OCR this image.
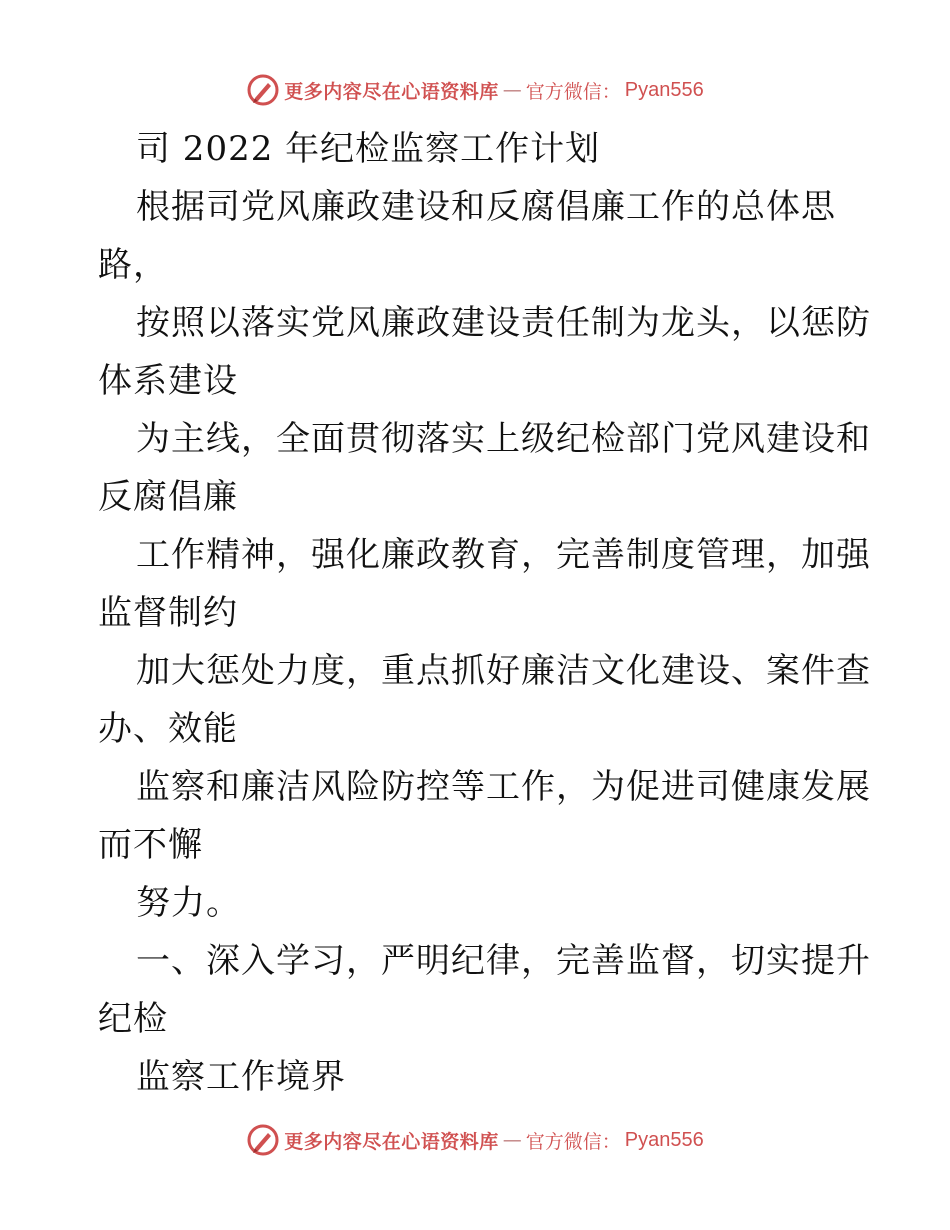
更多内容尽在心语资料库 — 官方微信： Pyan556
司 2022 年纪检监察工作计划
根据司党风廉政建设和反腐倡廉工作的总体思
路，
按照以落实党风廉政建设责任制为龙头，以惩防
体系建设
为主线，全面贯彻落实上级纪检部门党风建设和
反腐倡廉
工作精神，强化廉政教育，完善制度管理，加强
监督制约
加大惩处力度，重点抓好廉洁文化建设、案件查
办、效能
监察和廉洁风险防控等工作，为促进司健康发展
而不懈
努力。
一、深入学习，严明纪律，完善监督，切实提升
纪检
监察工作境界
更多内容尽在心语资料库 — 官方微信： Pyan556
